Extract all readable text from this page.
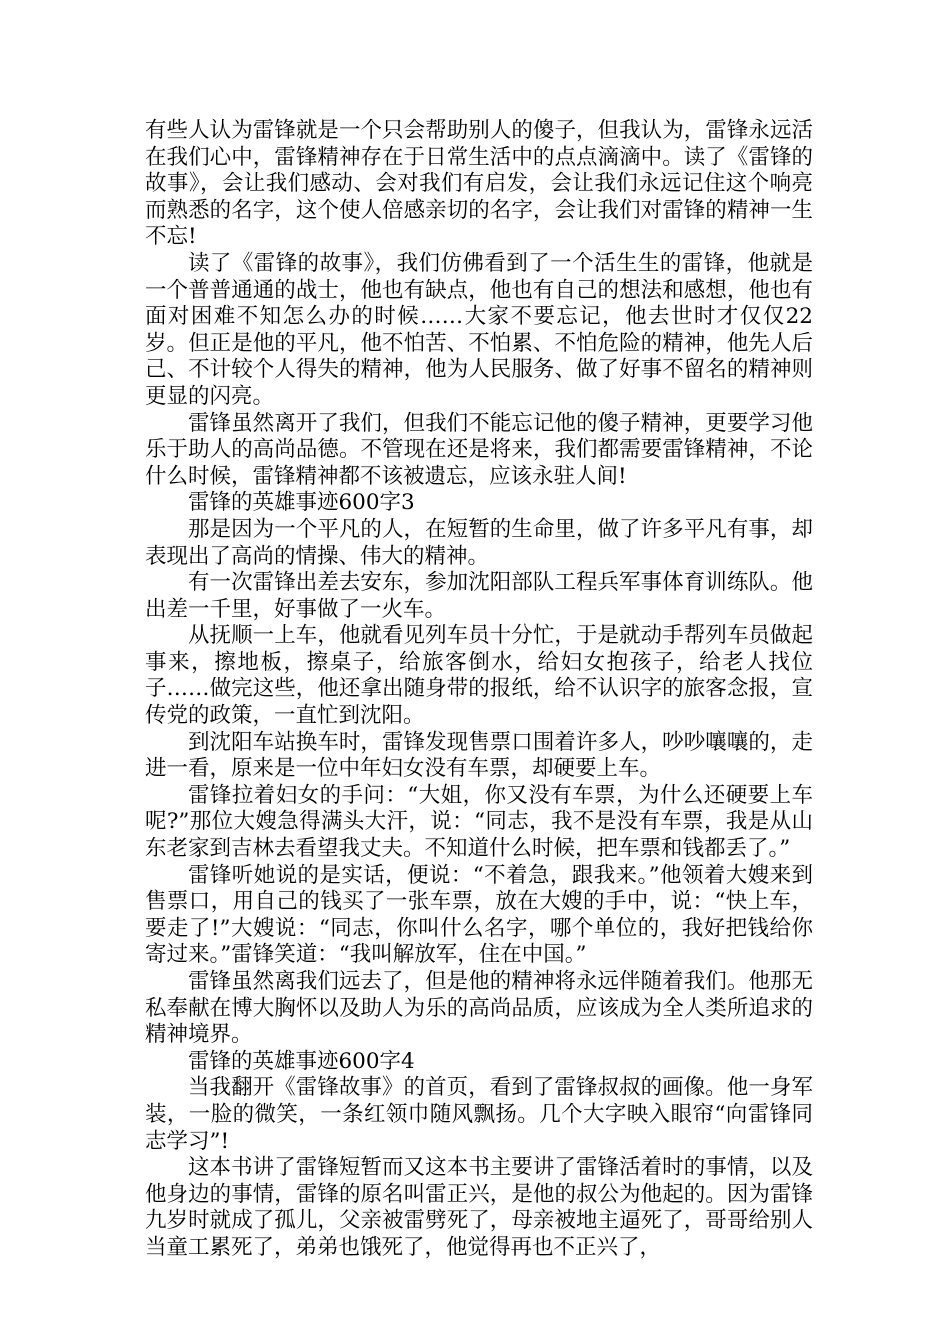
有些人认为雷锋就是一个只会帮助别人的傻子，但我认为，雷锋永远活在我们心中，雷锋精神存在于日常生活中的点点滴滴中。读了《雷锋的故事》，会让我们感动、会对我们有启发，会让我们永远记住这个响亮而熟悉的名字，这个使人倍感亲切的名字，会让我们对雷锋的精神一生不忘!

读了《雷锋的故事》，我们仿佛看到了一个活生生的雷锋，他就是一个普普通通的战士，他也有缺点，他也有自己的想法和感想，他也有面对困难不知怎么办的时候……大家不要忘记，他去世时才仅仅22岁。但正是他的平凡，他不怕苦、不怕累、不怕危险的精神，他先人后己、不计较个人得失的精神，他为人民服务、做了好事不留名的精神则更显的闪亮。

雷锋虽然离开了我们，但我们不能忘记他的傻子精神，更要学习他乐于助人的高尚品德。不管现在还是将来，我们都需要雷锋精神，不论什么时候，雷锋精神都不该被遗忘，应该永驻人间!

雷锋的英雄事迹600字3

那是因为一个平凡的人，在短暂的生命里，做了许多平凡有事，却表现出了高尚的情操、伟大的精神。

有一次雷锋出差去安东，参加沈阳部队工程兵军事体育训练队。他出差一千里，好事做了一火车。

从抚顺一上车，他就看见列车员十分忙，于是就动手帮列车员做起事来，擦地板，擦桌子，给旅客倒水，给妇女抱孩子，给老人找位子……做完这些，他还拿出随身带的报纸，给不认识字的旅客念报，宣传党的政策，一直忙到沈阳。

到沈阳车站换车时，雷锋发现售票口围着许多人，吵吵嚷嚷的，走进一看，原来是一位中年妇女没有车票，却硬要上车。

雷锋拉着妇女的手问：“大姐，你又没有车票，为什么还硬要上车呢?”那位大嫂急得满头大汗，说：“同志，我不是没有车票，我是从山东老家到吉林去看望我丈夫。不知道什么时候，把车票和钱都丢了。”

雷锋听她说的是实话，便说：“不着急，跟我来。”他领着大嫂来到售票口，用自己的钱买了一张车票，放在大嫂的手中，说：“快上车，要走了!”大嫂说：“同志，你叫什么名字，哪个单位的，我好把钱给你寄过来。”雷锋笑道：“我叫解放军，住在中国。”

雷锋虽然离我们远去了，但是他的精神将永远伴随着我们。他那无私奉献在博大胸怀以及助人为乐的高尚品质，应该成为全人类所追求的精神境界。

雷锋的英雄事迹600字4

当我翻开《雷锋故事》的首页，看到了雷锋叔叔的画像。他一身军装，一脸的微笑，一条红领巾随风飘扬。几个大字映入眼帘“向雷锋同志学习”!

这本书讲了雷锋短暂而又这本书主要讲了雷锋活着时的事情，以及他身边的事情，雷锋的原名叫雷正兴，是他的叔公为他起的。因为雷锋九岁时就成了孤儿，父亲被雷劈死了，母亲被地主逼死了，哥哥给别人当童工累死了，弟弟也饿死了，他觉得再也不正兴了，
